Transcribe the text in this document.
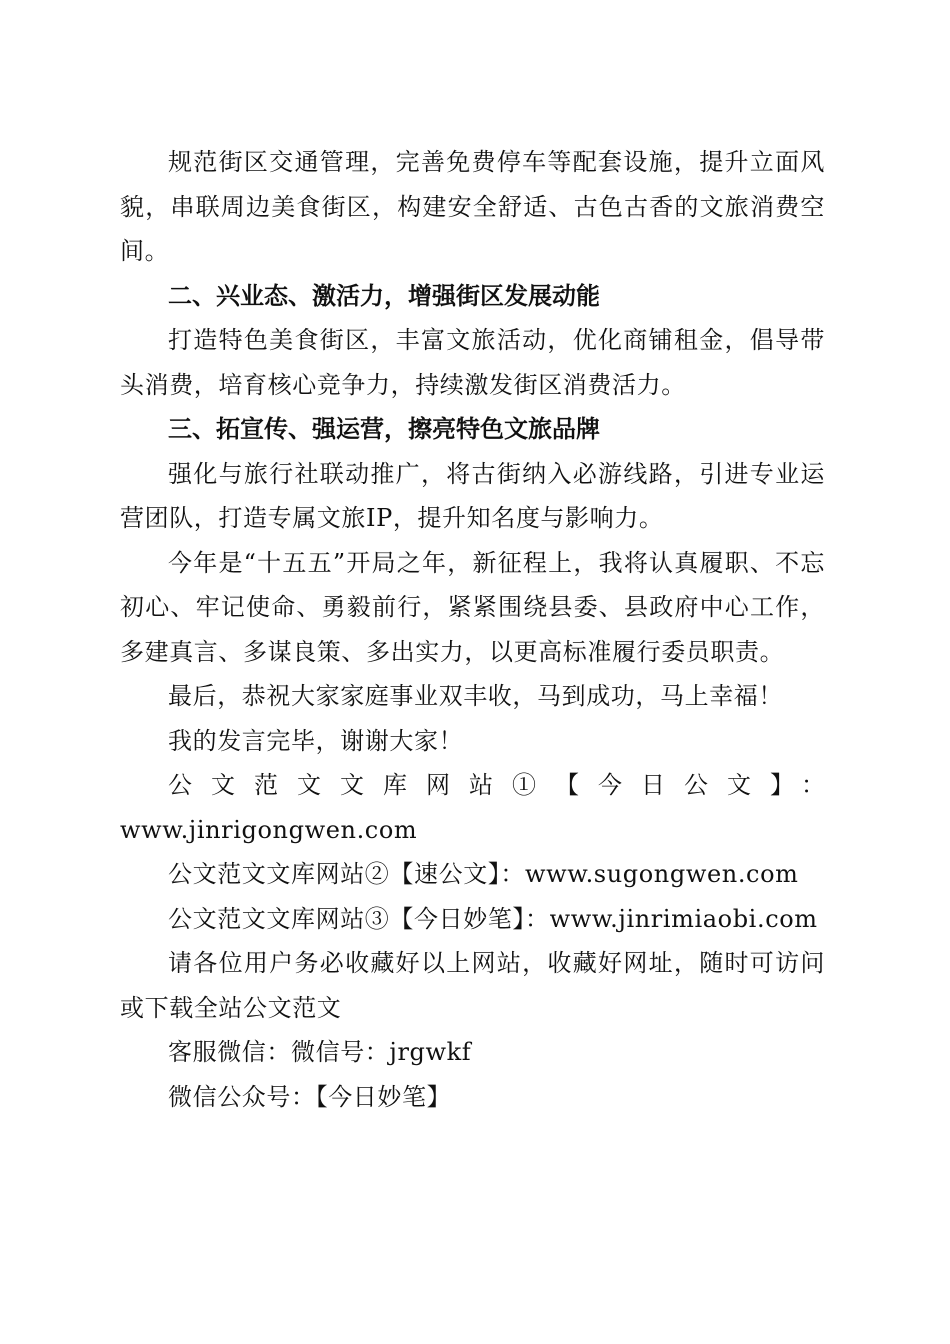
规范街区交通管理，完善免费停车等配套设施，提升立面风貌，串联周边美食街区，构建安全舒适、古色古香的文旅消费空间。

二、兴业态、激活力，增强街区发展动能

打造特色美食街区，丰富文旅活动，优化商铺租金，倡导带头消费，培育核心竞争力，持续激发街区消费活力。

三、拓宣传、强运营，擦亮特色文旅品牌

强化与旅行社联动推广，将古街纳入必游线路，引进专业运营团队，打造专属文旅IP，提升知名度与影响力。

今年是“十五五”开局之年，新征程上，我将认真履职、不忘初心、牢记使命、勇毅前行，紧紧围绕县委、县政府中心工作，多建真言、多谋良策、多出实力，以更高标准履行委员职责。

最后，恭祝大家家庭事业双丰收，马到成功，马上幸福！

我的发言完毕，谢谢大家！

公文范文文库网站①【今日公文】：

www.jinrigongwen.com

公文范文文库网站②【速公文】：www.sugongwen.com

公文范文文库网站③【今日妙笔】：www.jinrimiaobi.com

请各位用户务必收藏好以上网站，收藏好网址，随时可访问或下载全站公文范文

客服微信：微信号：jrgwkf

微信公众号：【今日妙笔】
